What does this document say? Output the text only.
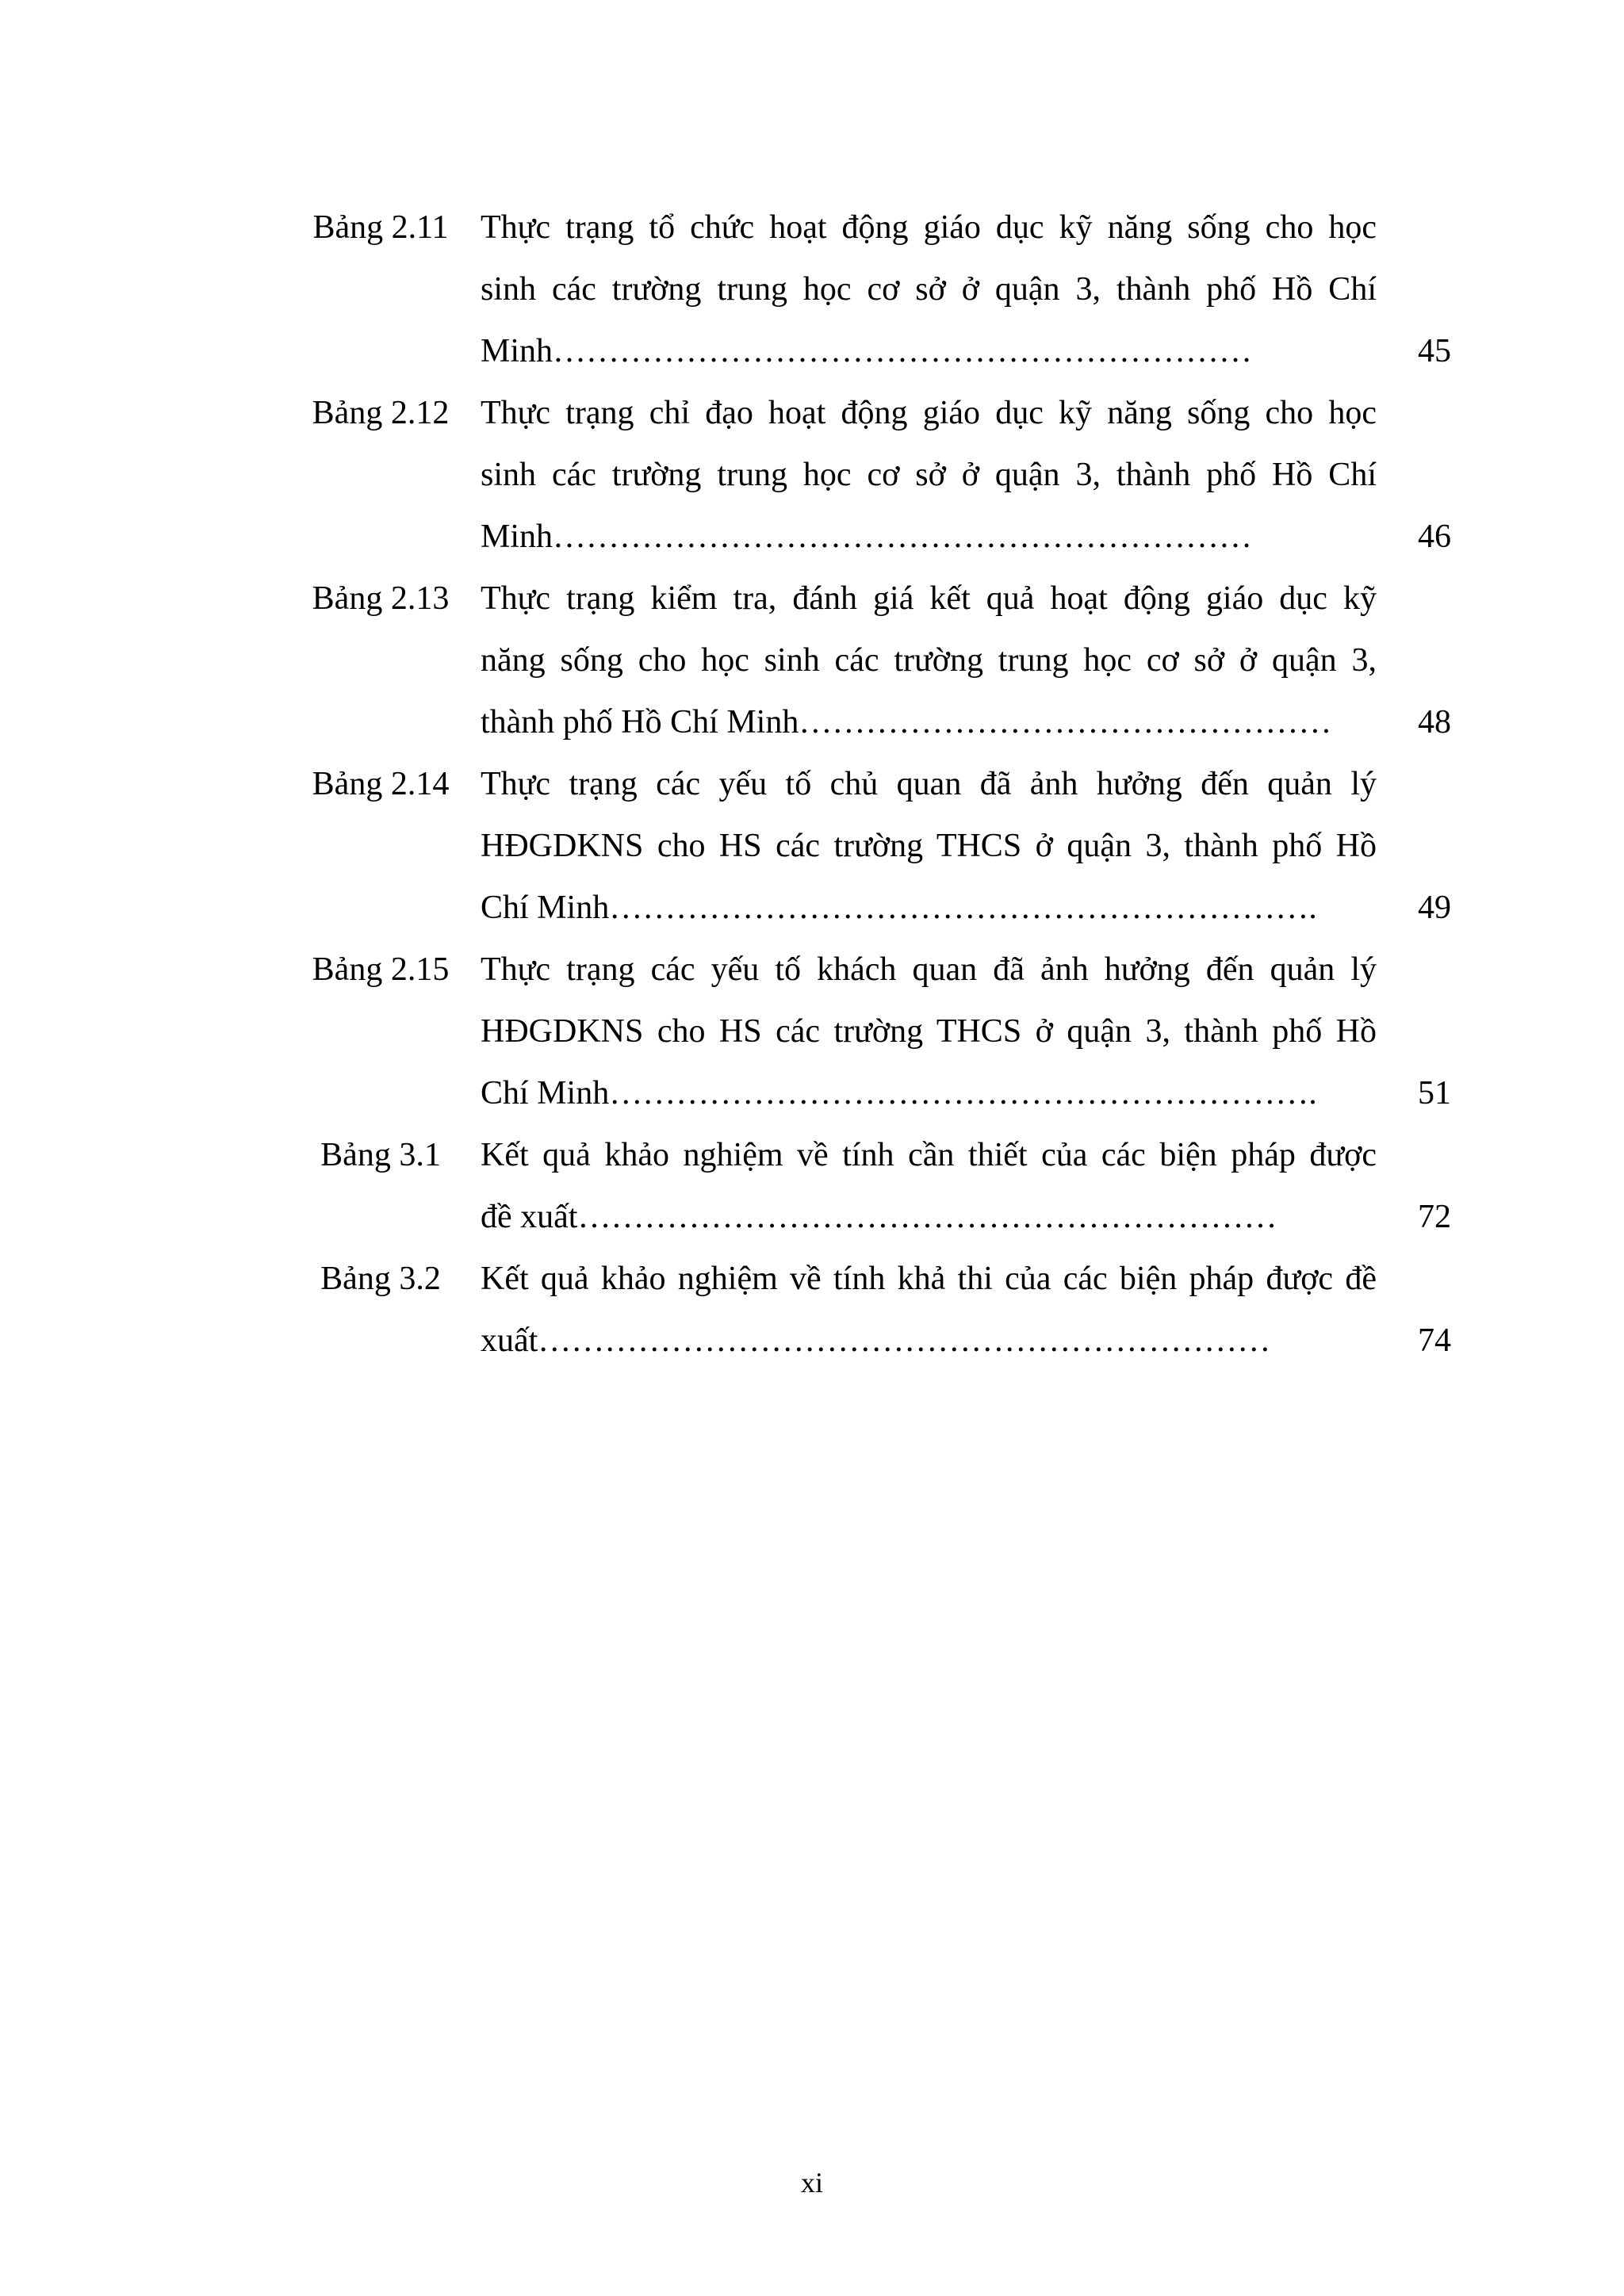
Bảng 2.11 Thực trạng tổ chức hoạt động giáo dục kỹ năng sống cho học
sinh các trường trung học cơ sở ở quận 3, thành phố Hồ Chí
Minh………………………………………………………	45
Bảng 2.12 Thực trạng chỉ đạo hoạt động giáo dục kỹ năng sống cho học
sinh các trường trung học cơ sở ở quận 3, thành phố Hồ Chí
Minh………………………………………………………	46
Bảng 2.13 Thực trạng kiểm tra, đánh giá kết quả hoạt động giáo dục kỹ
năng sống cho học sinh các trường trung học cơ sở ở quận 3,
thành phố Hồ Chí Minh…………………………………………	48
Bảng 2.14 Thực trạng các yếu tố chủ quan đã ảnh hưởng đến quản lý
HĐGDKNS cho HS các trường THCS ở quận 3, thành phố Hồ
Chí Minh……………………………………………………….	49
Bảng 2.15 Thực trạng các yếu tố khách quan đã ảnh hưởng đến quản lý
HĐGDKNS cho HS các trường THCS ở quận 3, thành phố Hồ
Chí Minh……………………………………………………….	51
Bảng 3.1	Kết quả khảo nghiệm về tính cần thiết của các biện pháp được
đề xuất………………………………………………………	72
Bảng 3.2	Kết quả khảo nghiệm về tính khả thi của các biện pháp được đề
xuất…………………………………………………………	74
xi
